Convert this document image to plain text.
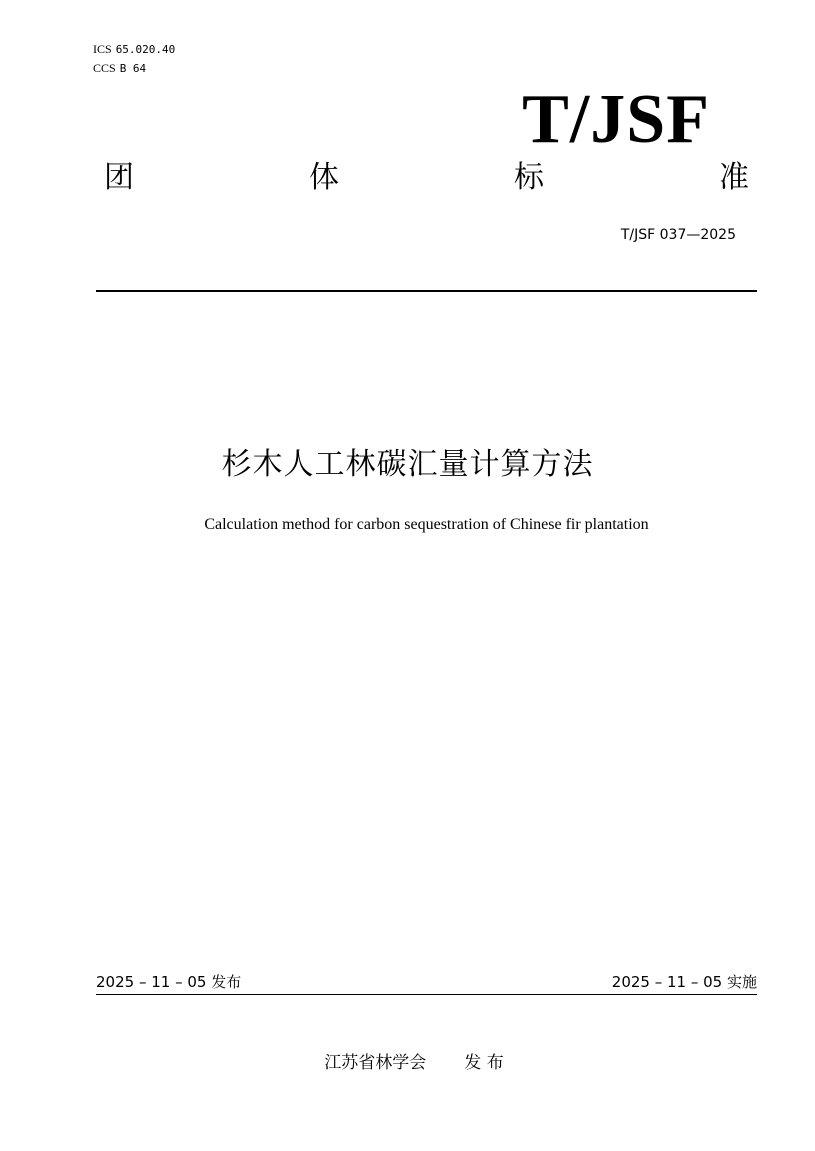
ICS 65.020.40
CCS B 64
T/JSF
团	体	标	准
T/JSF 037—2025
杉木人工林碳汇量计算方法
Calculation method for carbon sequestration of Chinese fir plantation
2025 – 11 – 05 发布	2025 – 11 – 05 实施
江苏省林学会 发 布
